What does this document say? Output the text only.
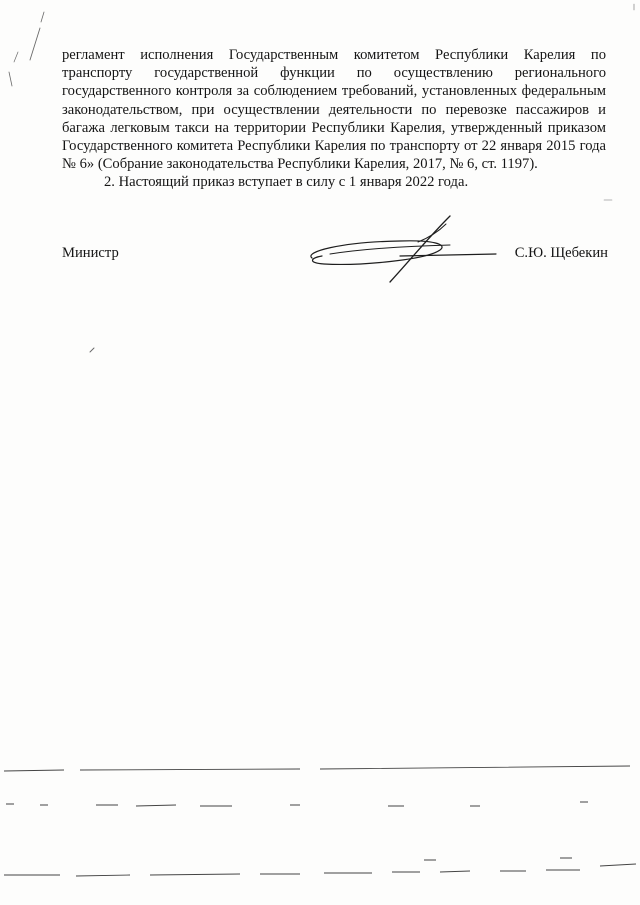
регламент исполнения Государственным комитетом Республики Карелия по транспорту государственной функции по осуществлению регионального государственного контроля за соблюдением требований, установленных федеральным законодательством, при осуществлении деятельности по перевозке пассажиров и багажа легковым такси на территории Республики Карелия, утвержденный приказом Государственного комитета Республики Карелия по транспорту от 22 января 2015 года № 6» (Собрание законодательства Республики Карелия, 2017, № 6, ст. 1197).

2. Настоящий приказ вступает в силу с 1 января 2022 года.

Министр	С.Ю. Щебекин
